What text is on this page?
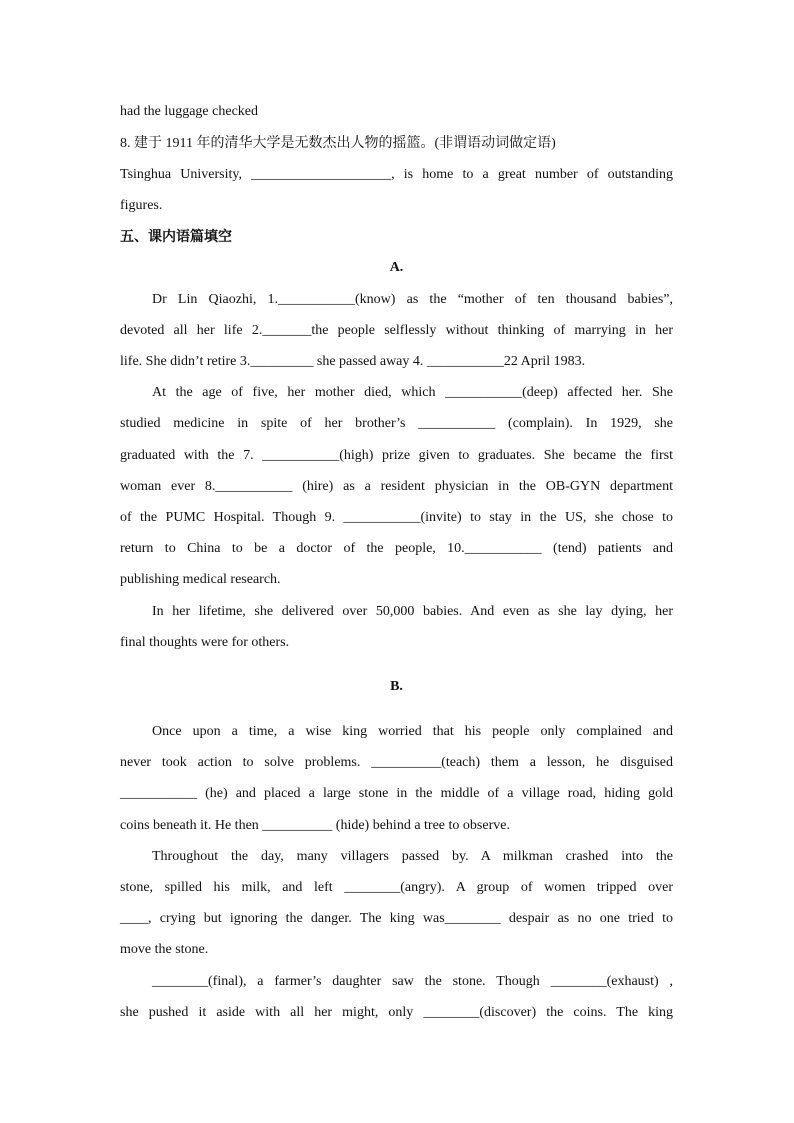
had the luggage checked
8. 建于 1911 年的清华大学是无数杰出人物的摇篮。(非谓语动词做定语)
Tsinghua University, ____________________, is home to a great number of outstanding
figures.
五、课内语篇填空
A.
Dr Lin Qiaozhi, 1.___________(know) as the “mother of ten thousand babies”,
devoted all her life 2._______the people selflessly without thinking of marrying in her
life. She didn’t retire 3._________ she passed away 4. ___________22 April 1983.
At the age of five, her mother died, which ___________(deep) affected her. She
studied medicine in spite of her brother’s ___________ (complain). In 1929, she
graduated with the 7. ___________(high) prize given to graduates. She became the first
woman ever 8.___________ (hire) as a resident physician in the OB-GYN department
of the PUMC Hospital. Though 9. ___________(invite) to stay in the US, she chose to
return to China to be a doctor of the people, 10.___________ (tend) patients and
publishing medical research.
In her lifetime, she delivered over 50,000 babies. And even as she lay dying, her
final thoughts were for others.
B.
Once upon a time, a wise king worried that his people only complained and
never took action to solve problems. __________(teach) them a lesson, he disguised
___________ (he) and placed a large stone in the middle of a village road, hiding gold
coins beneath it. He then __________ (hide) behind a tree to observe.
Throughout the day, many villagers passed by. A milkman crashed into the
stone, spilled his milk, and left ________(angry). A group of women tripped over
____, crying but ignoring the danger. The king was________ despair as no one tried to
move the stone.
________(final), a farmer’s daughter saw the stone. Though ________(exhaust) ,
she pushed it aside with all her might, only ________(discover) the coins. The king
